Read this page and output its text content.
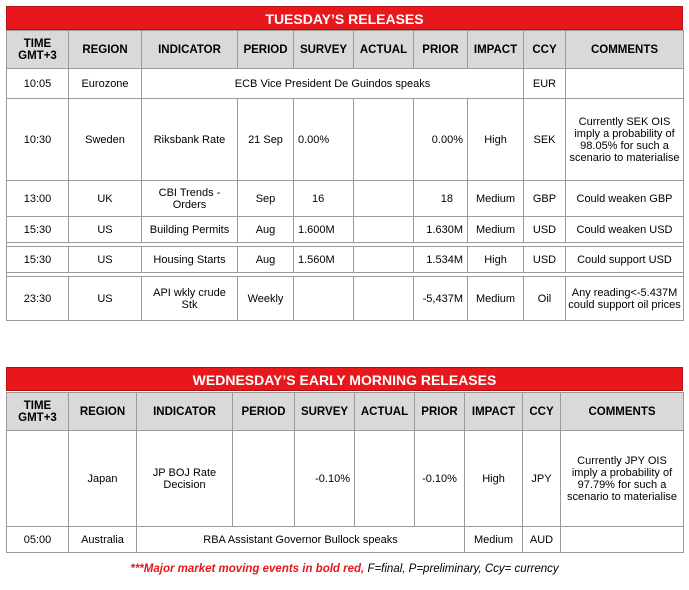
TUESDAY’S RELEASES
TIME GMT+3	REGION	INDICATOR	PERIOD	SURVEY	ACTUAL	PRIOR	IMPACT	CCY	COMMENTS
10:05	Eurozone	ECB Vice President De Guindos speaks						EUR	
10:30	Sweden	Riksbank Rate	21 Sep	0.00%		0.00%	High	SEK	Currently SEK OIS imply a probability of 98.05% for such a scenario to materialise
13:00	UK	CBI Trends - Orders	Sep	16		18	Medium	GBP	Could weaken GBP
15:30	US	Building Permits	Aug	1.600M		1.630M	Medium	USD	Could weaken USD

15:30	US	Housing Starts	Aug	1.560M		1.534M	High	USD	Could support USD

23:30	US	API wkly crude Stk	Weekly			-5,437M	Medium	Oil	Any reading<-5.437M could support oil prices
WEDNESDAY’S EARLY MORNING RELEASES
TIME GMT+3	REGION	INDICATOR	PERIOD	SURVEY	ACTUAL	PRIOR	IMPACT	CCY	COMMENTS
	Japan	JP BOJ Rate Decision		-0.10%		-0.10%	High	JPY	Currently JPY OIS imply a probability of 97.79% for such a scenario to materialise
05:00	Australia	RBA Assistant Governor Bullock speaks					Medium	AUD	
***Major market moving events in bold red, F=final, P=preliminary, Ccy= currency
